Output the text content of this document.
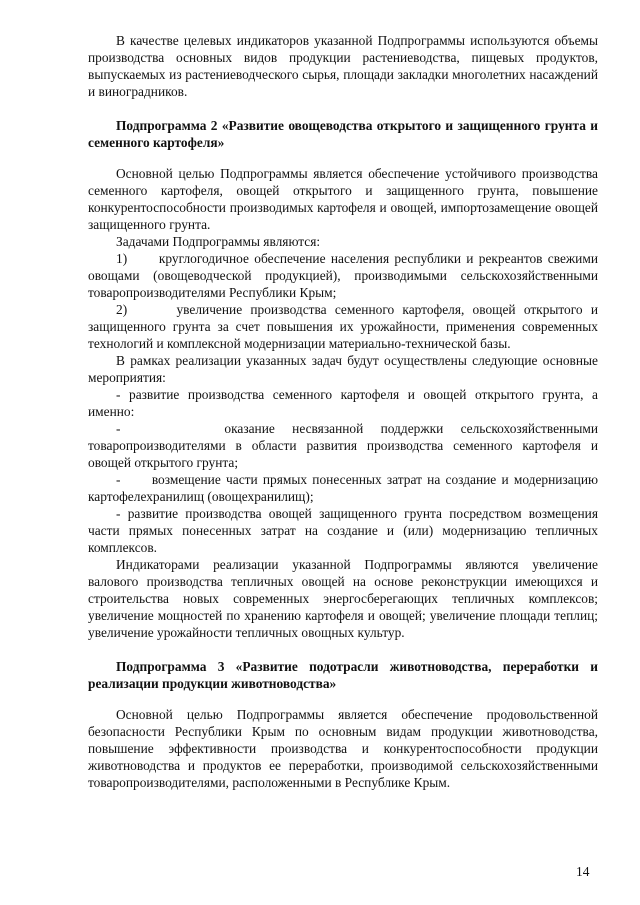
В качестве целевых индикаторов указанной Подпрограммы используются объемы производства основных видов продукции растениеводства, пищевых продуктов, выпускаемых из растениеводческого сырья, площади закладки многолетних насаждений и виноградников.

Подпрограмма 2 «Развитие овощеводства открытого и защищенного грунта и семенного картофеля»

Основной целью Подпрограммы является обеспечение устойчивого производства семенного картофеля, овощей открытого и защищенного грунта, повышение конкурентоспособности производимых картофеля и овощей, импортозамещение овощей защищенного грунта.

Задачами Подпрограммы являются:

1)      круглогодичное обеспечение населения республики и рекреантов свежими овощами (овощеводческой продукцией), производимыми сельскохозяйственными товаропроизводителями Республики Крым;

2)      увеличение производства семенного картофеля, овощей открытого и защищенного грунта за счет повышения их урожайности, применения современных технологий и комплексной модернизации материально-технической базы.

В рамках реализации указанных задач будут осуществлены следующие основные мероприятия:

- развитие производства семенного картофеля и овощей открытого грунта, а именно:

-      оказание несвязанной поддержки сельскохозяйственными товаропроизводителями в области развития производства семенного картофеля и овощей открытого грунта;

-      возмещение части прямых понесенных затрат на создание и модернизацию картофелехранилищ (овощехранилищ);

- развитие производства овощей защищенного грунта посредством возмещения части прямых понесенных затрат на создание и (или) модернизацию тепличных комплексов.

Индикаторами реализации указанной Подпрограммы являются увеличение валового производства тепличных овощей на основе реконструкции имеющихся и строительства новых современных энергосберегающих тепличных комплексов; увеличение мощностей по хранению картофеля и овощей; увеличение площади теплиц; увеличение урожайности тепличных овощных культур.

Подпрограмма 3 «Развитие подотрасли животноводства, переработки и реализации продукции животноводства»

Основной целью Подпрограммы является обеспечение продовольственной безопасности Республики Крым по основным видам продукции животноводства, повышение эффективности производства и конкурентоспособности продукции животноводства и продуктов ее переработки, производимой сельскохозяйственными товаропроизводителями, расположенными в Республике Крым.

14
